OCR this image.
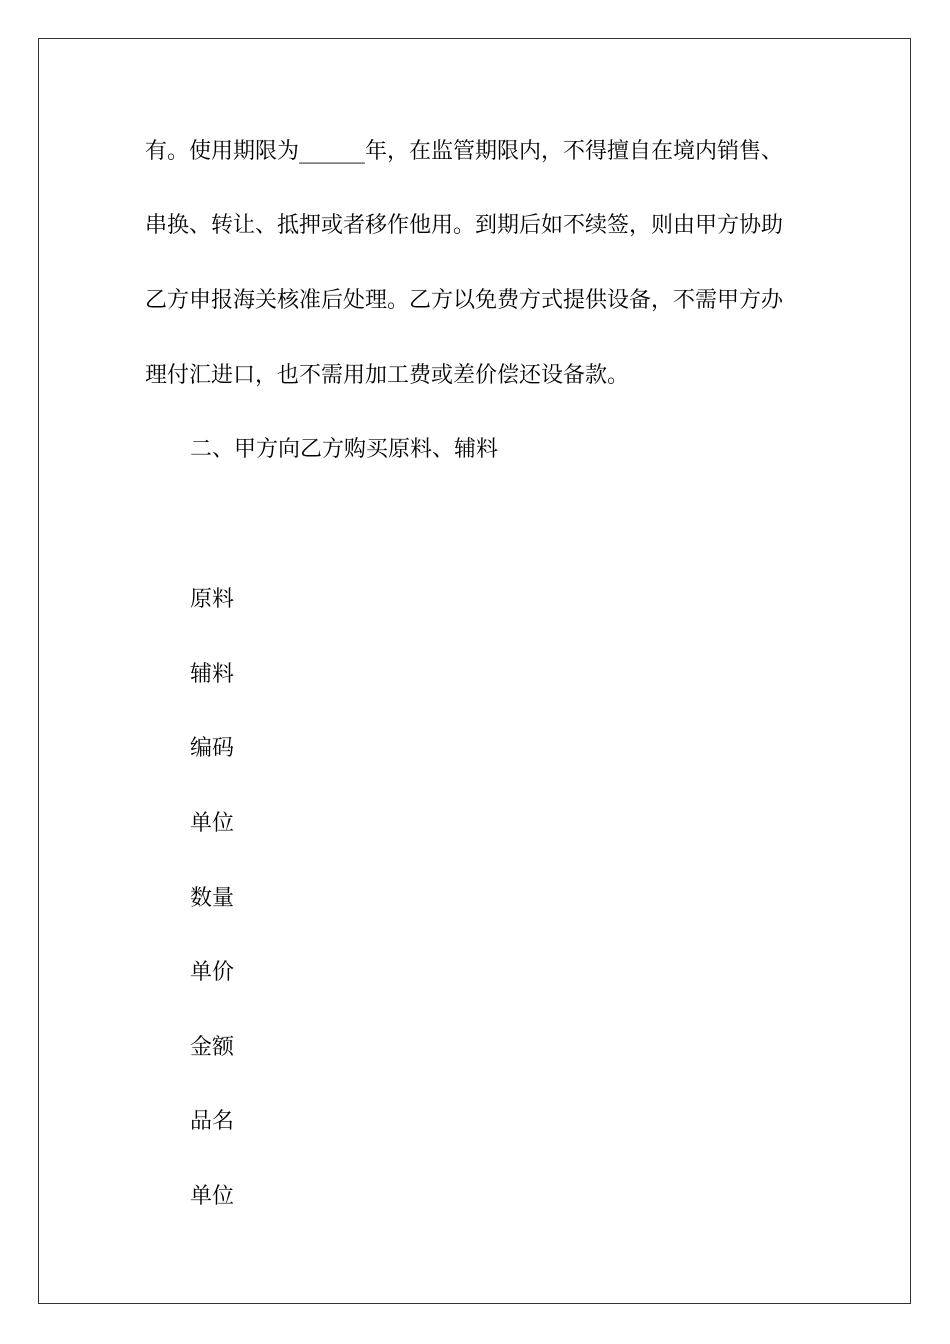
有。使用期限为______年，在监管期限内，不得擅自在境内销售、
串换、转让、抵押或者移作他用。到期后如不续签，则由甲方协助
乙方申报海关核准后处理。乙方以免费方式提供设备，不需甲方办
理付汇进口，也不需用加工费或差价偿还设备款。
二、甲方向乙方购买原料、辅料
原料
辅料
编码
单位
数量
单价
金额
品名
单位
